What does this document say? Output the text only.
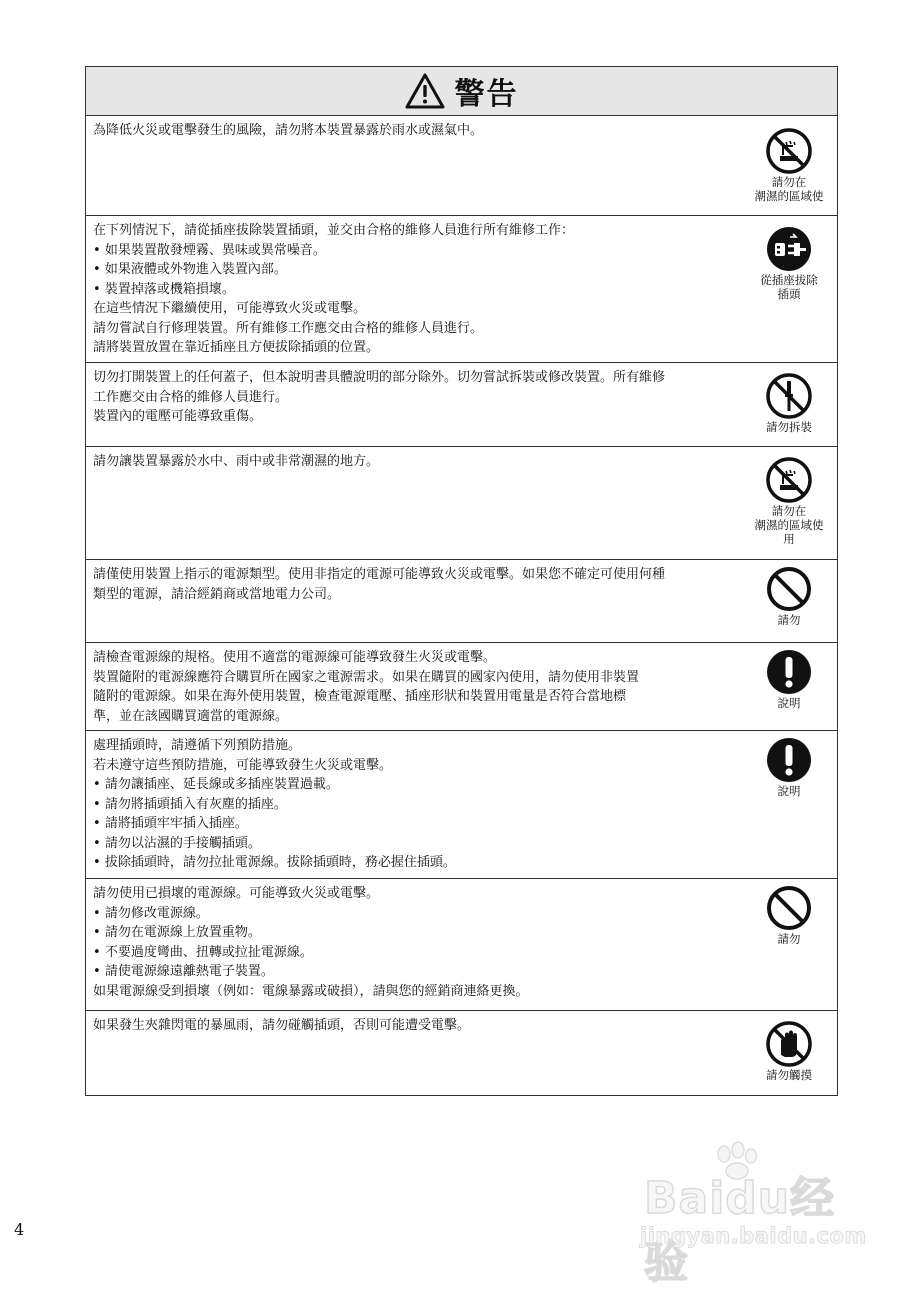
警告
為降低火災或電擊發生的風險，請勿將本裝置暴露於雨水或濕氣中。
請勿在
潮濕的區域使
在下列情況下，請從插座拔除裝置插頭，並交由合格的維修人員進行所有維修工作：
• 如果裝置散發煙霧、異味或異常噪音。
• 如果液體或外物進入裝置內部。
• 裝置掉落或機箱損壞。
在這些情況下繼續使用，可能導致火災或電擊。
請勿嘗試自行修理裝置。所有維修工作應交由合格的維修人員進行。
請將裝置放置在靠近插座且方便拔除插頭的位置。
從插座拔除
插頭
切勿打開裝置上的任何蓋子，但本說明書具體說明的部分除外。切勿嘗試拆裝或修改裝置。所有維修
工作應交由合格的維修人員進行。
裝置內的電壓可能導致重傷。
請勿拆裝
請勿讓裝置暴露於水中、雨中或非常潮濕的地方。
請勿在
潮濕的區域使
用
請僅使用裝置上指示的電源類型。使用非指定的電源可能導致火災或電擊。如果您不確定可使用何種
類型的電源，請洽經銷商或當地電力公司。
請勿
請檢查電源線的規格。使用不適當的電源線可能導致發生火災或電擊。
裝置隨附的電源線應符合購買所在國家之電源需求。如果在購買的國家內使用，請勿使用非裝置
隨附的電源線。如果在海外使用裝置，檢查電源電壓、插座形狀和裝置用電量是否符合當地標
準，並在該國購買適當的電源線。
說明
處理插頭時，請遵循下列預防措施。
若未遵守這些預防措施，可能導致發生火災或電擊。
• 請勿讓插座、延長線或多插座裝置過載。
• 請勿將插頭插入有灰塵的插座。
• 請將插頭牢牢插入插座。
• 請勿以沾濕的手接觸插頭。
• 拔除插頭時，請勿拉扯電源線。拔除插頭時，務必握住插頭。
說明
請勿使用已損壞的電源線。可能導致火災或電擊。
• 請勿修改電源線。
• 請勿在電源線上放置重物。
• 不要過度彎曲、扭轉或拉扯電源線。
• 請使電源線遠離熱電子裝置。
如果電源線受到損壞（例如：電線暴露或破損），請與您的經銷商連絡更換。
請勿
如果發生夾雜閃電的暴風雨，請勿碰觸插頭，否則可能遭受電擊。
請勿觸摸
4
Baidu经验
jingyan.baidu.com
